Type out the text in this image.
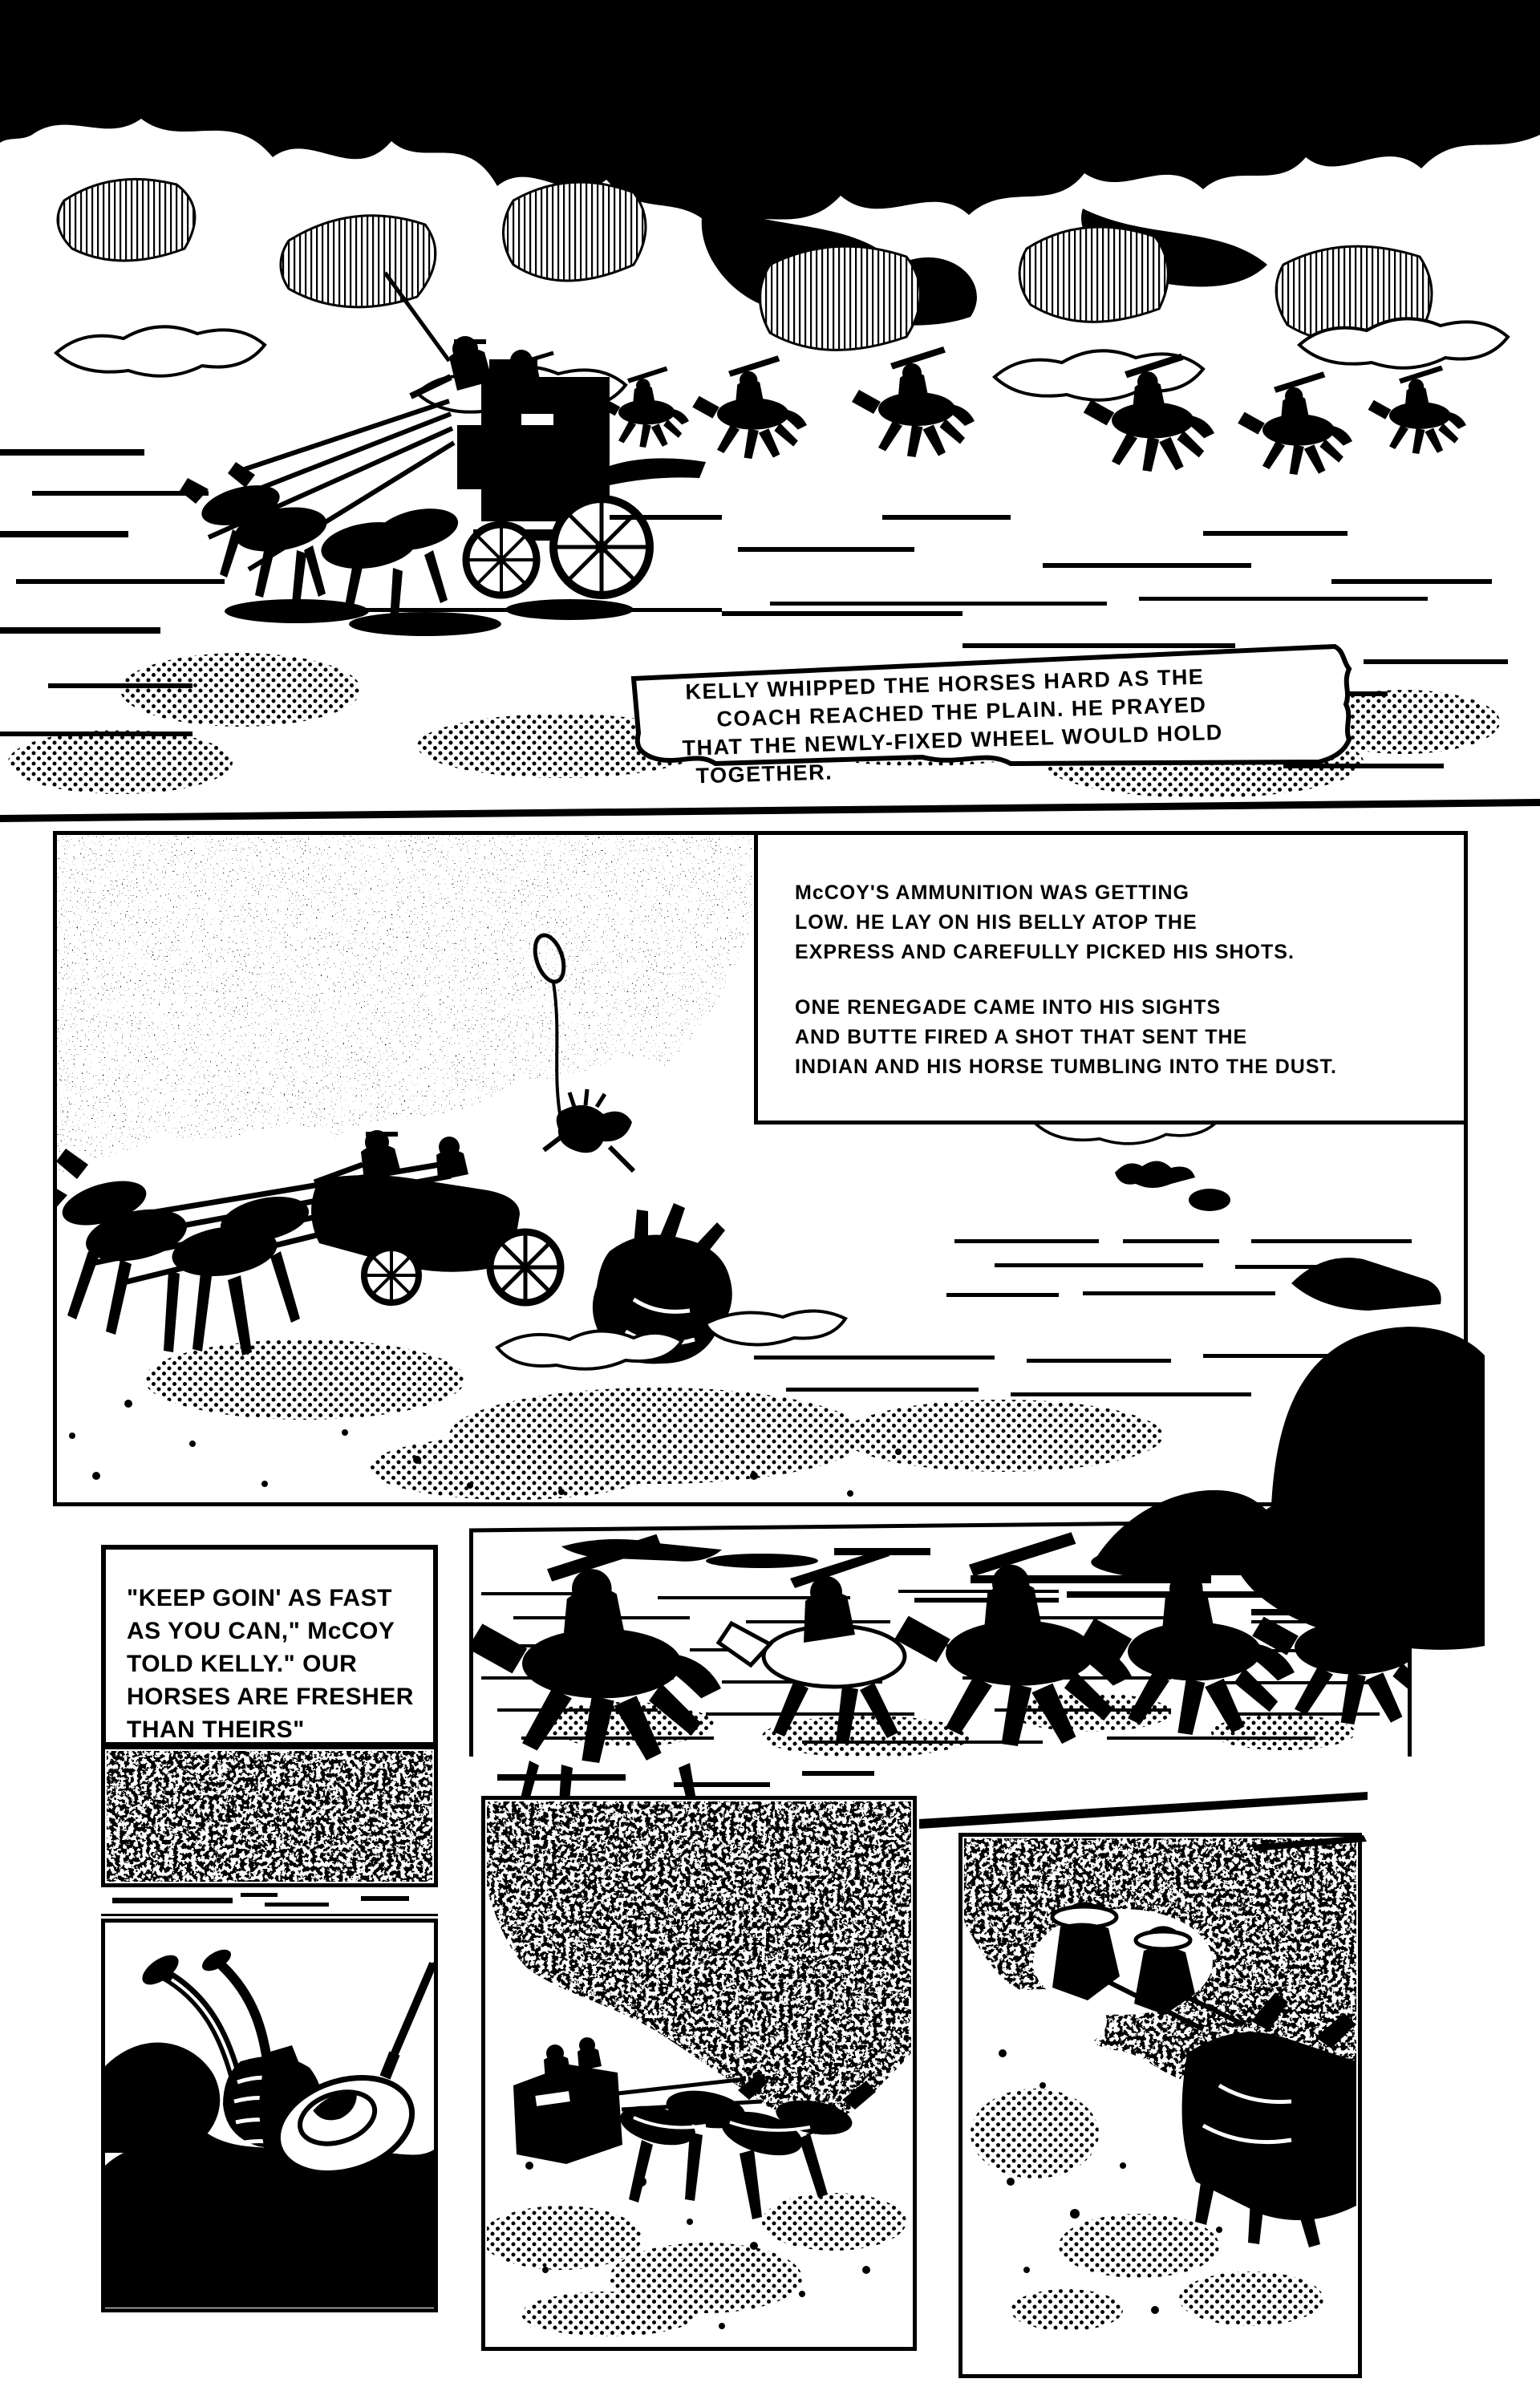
KELLY WHIPPED THE HORSES HARD AS THE
COACH REACHED THE PLAIN. HE PRAYED
THAT THE NEWLY-FIXED WHEEL WOULD HOLD
TOGETHER.
McCOY'S AMMUNITION WAS GETTING
LOW. HE LAY ON HIS BELLY ATOP THE
EXPRESS AND CAREFULLY PICKED HIS SHOTS.
ONE RENEGADE CAME INTO HIS SIGHTS
AND BUTTE FIRED A SHOT THAT SENT THE
INDIAN AND HIS HORSE TUMBLING INTO THE DUST.
"KEEP GOIN' AS FAST
AS YOU CAN," McCOY
TOLD KELLY." OUR
HORSES ARE FRESHER
THAN THEIRS"
